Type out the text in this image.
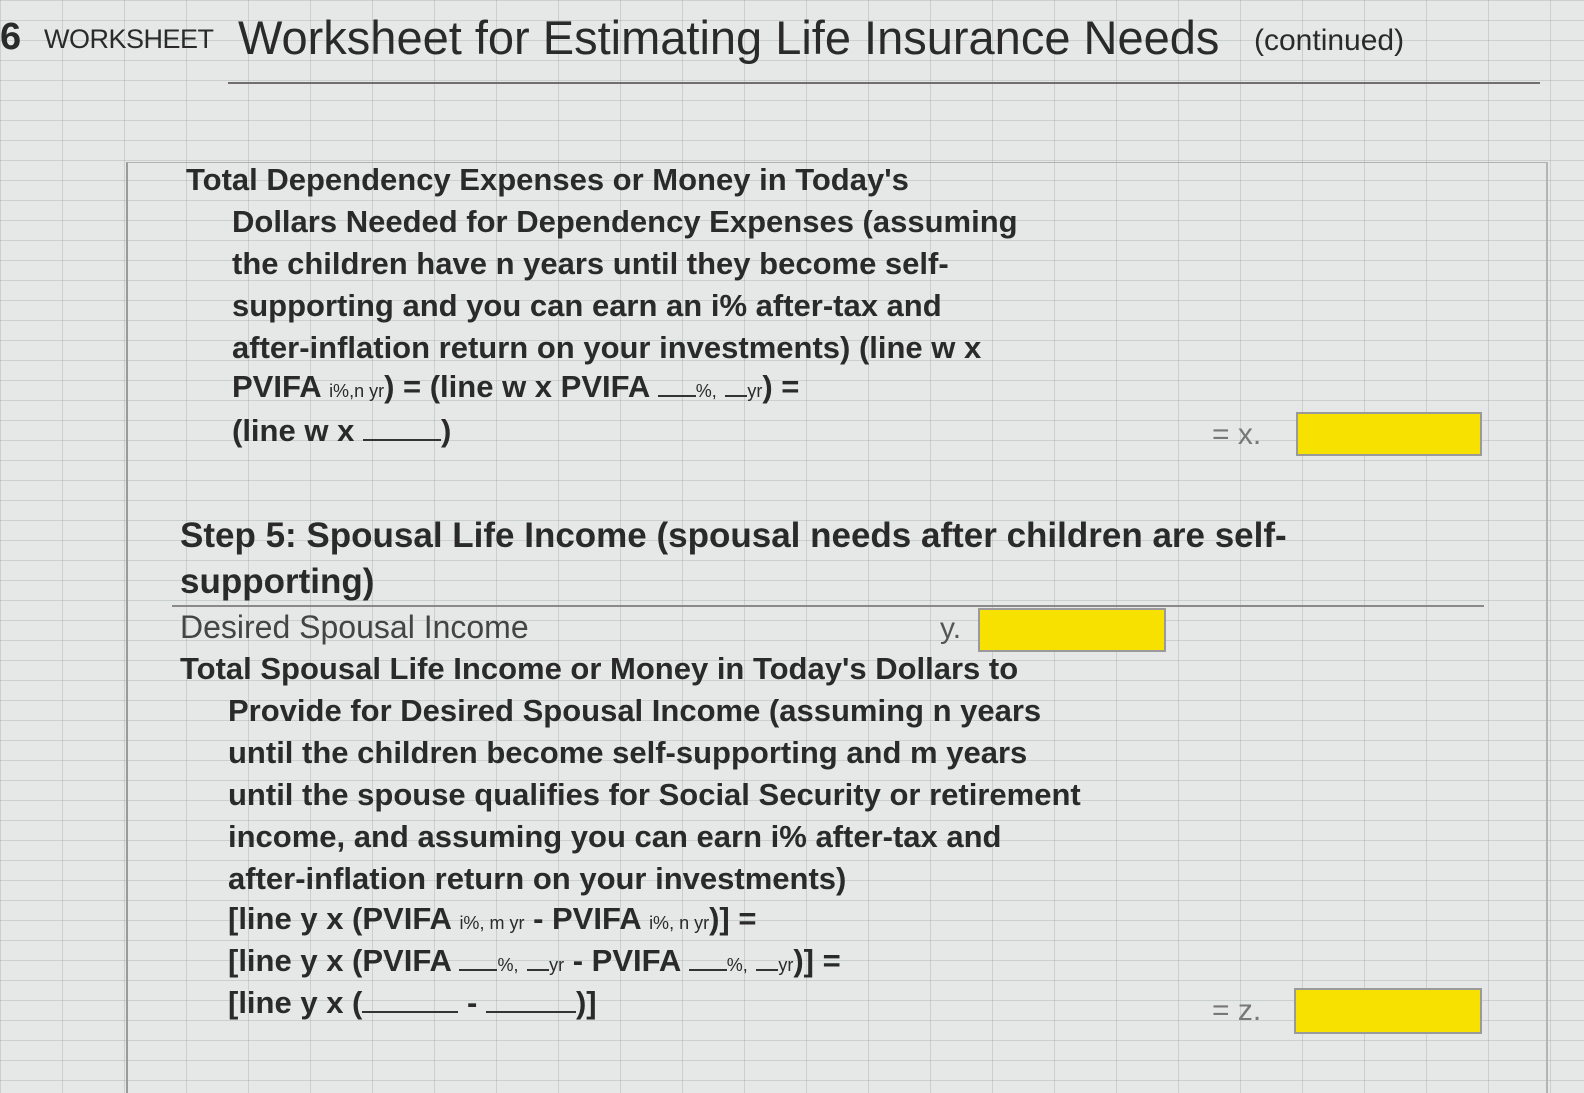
6 WORKSHEET Worksheet for Estimating Life Insurance Needs (continued)
Total Dependency Expenses or Money in Today's
Dollars Needed for Dependency Expenses (assuming
the children have n years until they become self-
supporting and you can earn an i% after-tax and
after-inflation return on your investments) (line w x
PVIFA i%,n yr) = (line w x PVIFA	%, yr) =
(line w x	)	= x.
Step 5: Spousal Life Income (spousal needs after children are self-
supporting)
Desired Spousal Income	y.
Total Spousal Life Income or Money in Today's Dollars to
Provide for Desired Spousal Income (assuming n years
until the children become self-supporting and m years
until the spouse qualifies for Social Security or retirement
income, and assuming you can earn i% after-tax and
after-inflation return on your investments)
[line y x (PVIFA i%, m yr - PVIFA i%, n yr)] =
[line y x (PVIFA	%, yr - PVIFA	%, yr)] =
[line y x (	-	)]	= z.
